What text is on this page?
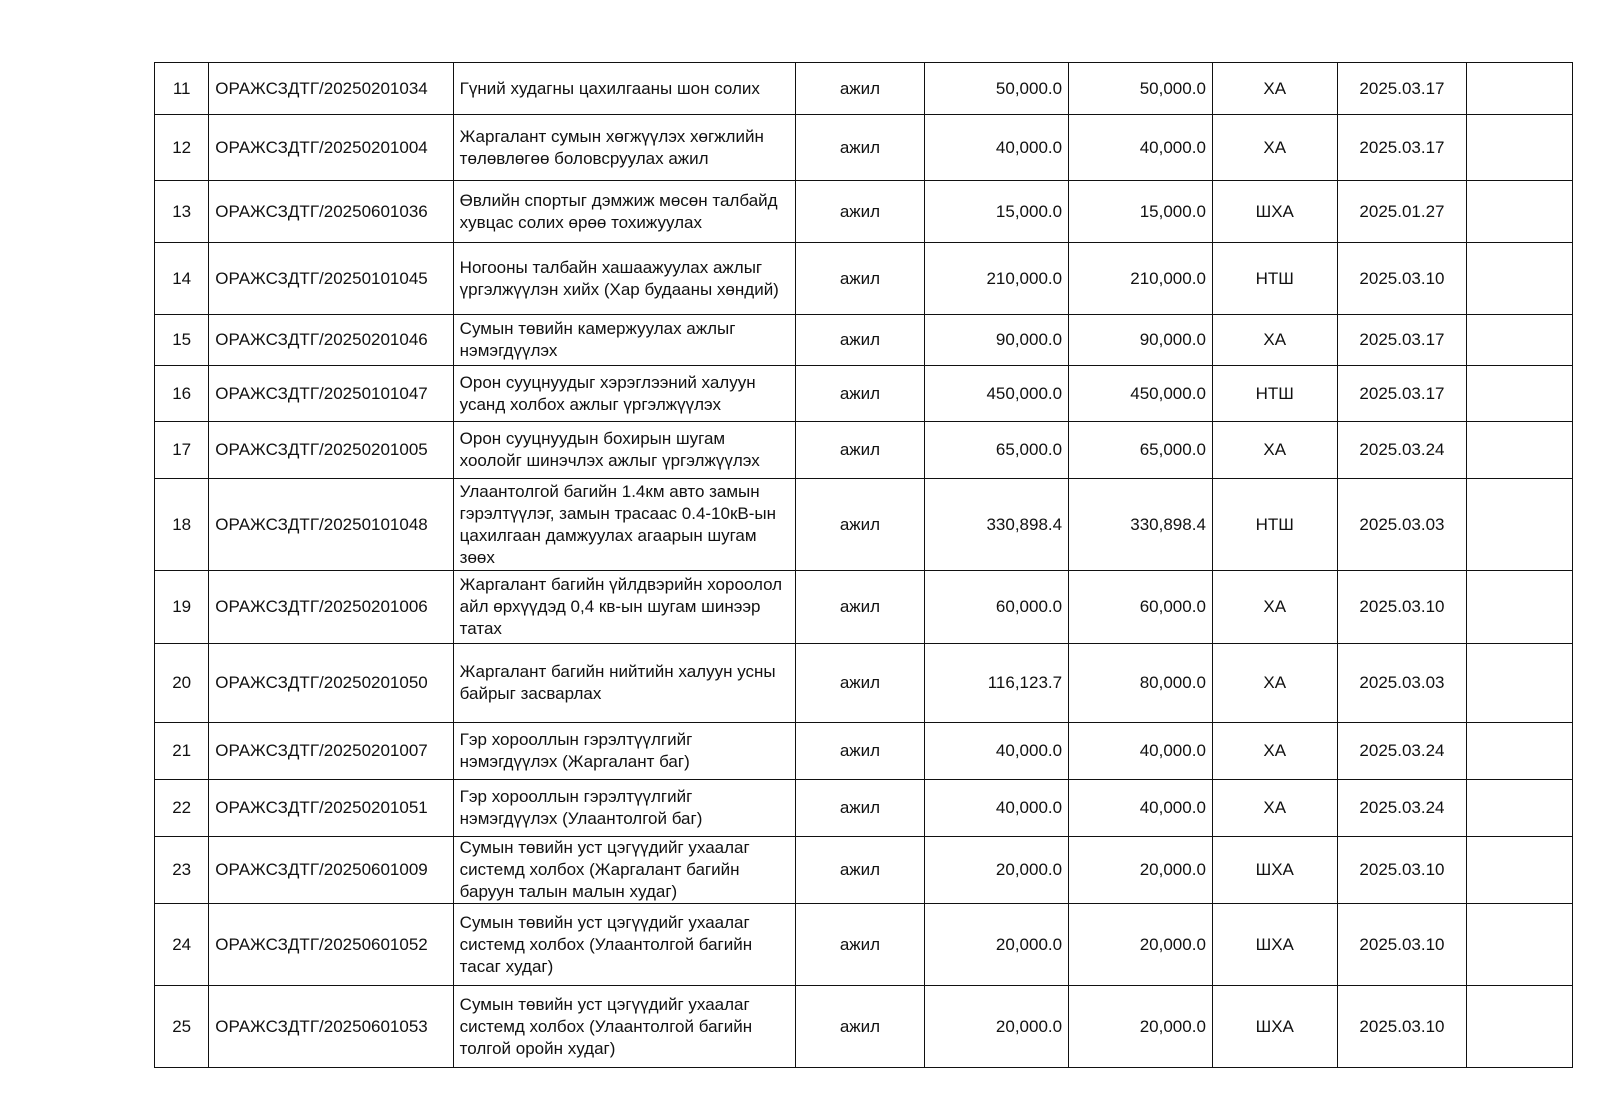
11	ОРАЖСЗДТГ/20250201034	Гүний худагны цахилгааны шон солих	ажил	50,000.0	50,000.0	ХА	2025.03.17	
12	ОРАЖСЗДТГ/20250201004	Жаргалант сумын хөгжүүлэх хөгжлийн төлөвлөгөө боловсруулах ажил	ажил	40,000.0	40,000.0	ХА	2025.03.17	
13	ОРАЖСЗДТГ/20250601036	Өвлийн спортыг дэмжиж мөсөн талбайд хувцас солих өрөө тохижуулах	ажил	15,000.0	15,000.0	ШХА	2025.01.27	
14	ОРАЖСЗДТГ/20250101045	Ногооны талбайн хашаажуулах ажлыг үргэлжүүлэн хийх (Хар будааны хөндий)	ажил	210,000.0	210,000.0	НТШ	2025.03.10	
15	ОРАЖСЗДТГ/20250201046	Сумын төвийн камержуулах ажлыг нэмэгдүүлэх	ажил	90,000.0	90,000.0	ХА	2025.03.17	
16	ОРАЖСЗДТГ/20250101047	Орон сууцнуудыг хэрэглээний халуун усанд холбох ажлыг үргэлжүүлэх	ажил	450,000.0	450,000.0	НТШ	2025.03.17	
17	ОРАЖСЗДТГ/20250201005	Орон сууцнуудын бохирын шугам хоолойг шинэчлэх ажлыг үргэлжүүлэх	ажил	65,000.0	65,000.0	ХА	2025.03.24	
18	ОРАЖСЗДТГ/20250101048	Улаантолгой багийн 1.4км авто замын гэрэлтүүлэг, замын трасаас 0.4-10кВ-ын цахилгаан дамжуулах агаарын шугам зөөх	ажил	330,898.4	330,898.4	НТШ	2025.03.03	
19	ОРАЖСЗДТГ/20250201006	Жаргалант багийн үйлдвэрийн хороолол айл өрхүүдэд 0,4 кв-ын шугам шинээр татах	ажил	60,000.0	60,000.0	ХА	2025.03.10	
20	ОРАЖСЗДТГ/20250201050	Жаргалант багийн нийтийн халуун усны байрыг засварлах	ажил	116,123.7	80,000.0	ХА	2025.03.03	
21	ОРАЖСЗДТГ/20250201007	Гэр хорооллын гэрэлтүүлгийг нэмэгдүүлэх (Жаргалант баг)	ажил	40,000.0	40,000.0	ХА	2025.03.24	
22	ОРАЖСЗДТГ/20250201051	Гэр хорооллын гэрэлтүүлгийг нэмэгдүүлэх (Улаантолгой баг)	ажил	40,000.0	40,000.0	ХА	2025.03.24	
23	ОРАЖСЗДТГ/20250601009	Сумын төвийн уст цэгүүдийг ухаалаг системд холбох (Жаргалант багийн баруун талын малын худаг)	ажил	20,000.0	20,000.0	ШХА	2025.03.10	
24	ОРАЖСЗДТГ/20250601052	Сумын төвийн уст цэгүүдийг ухаалаг системд холбох (Улаантолгой багийн тасаг худаг)	ажил	20,000.0	20,000.0	ШХА	2025.03.10	
25	ОРАЖСЗДТГ/20250601053	Сумын төвийн уст цэгүүдийг ухаалаг системд холбох (Улаантолгой багийн толгой оройн худаг)	ажил	20,000.0	20,000.0	ШХА	2025.03.10	
